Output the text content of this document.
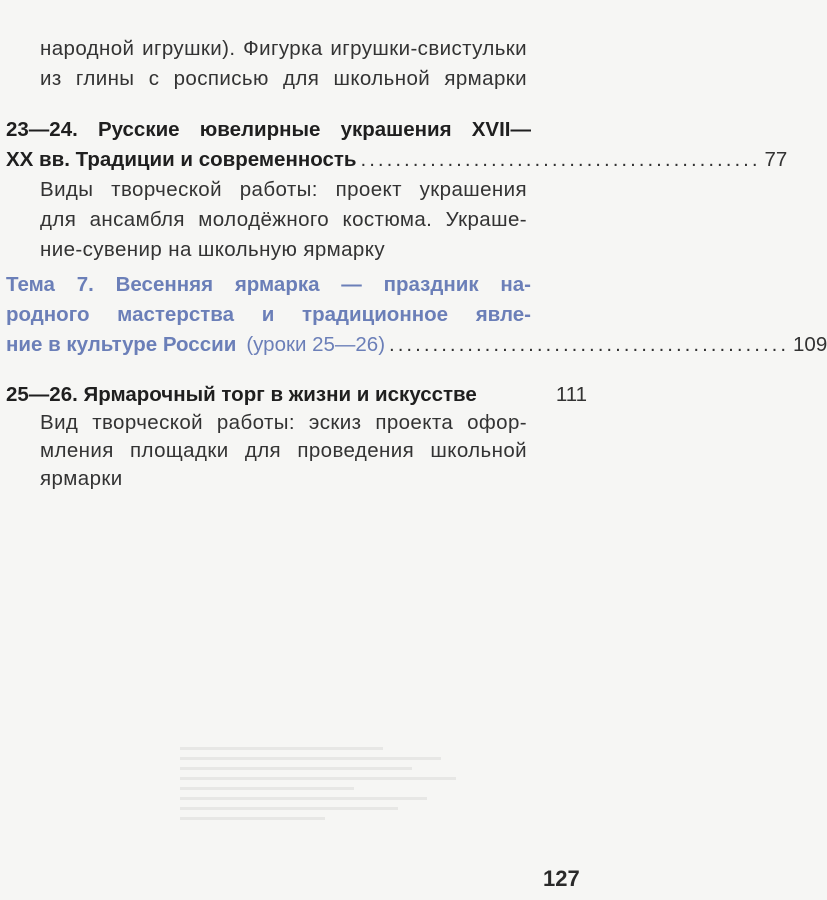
народной игрушки). Фигурка игрушки-свистульки
из глины с росписью для школьной ярмарки
23—24. Русские ювелирные украшения XVII—
XX вв. Традиции и современность .............................................. 77
Виды творческой работы: проект украшения
для ансамбля молодёжного костюма. Украше-
ние-сувенир на школьную ярмарку
Тема 7. Весенняя ярмарка — праздник на-
родного мастерства и традиционное явле-
ние в культуре России (уроки 25—26) .............................................. 109
25—26. Ярмарочный торг в жизни и искусстве	111
Вид творческой работы: эскиз проекта офор-
мления площадки для проведения школьной
ярмарки
127
